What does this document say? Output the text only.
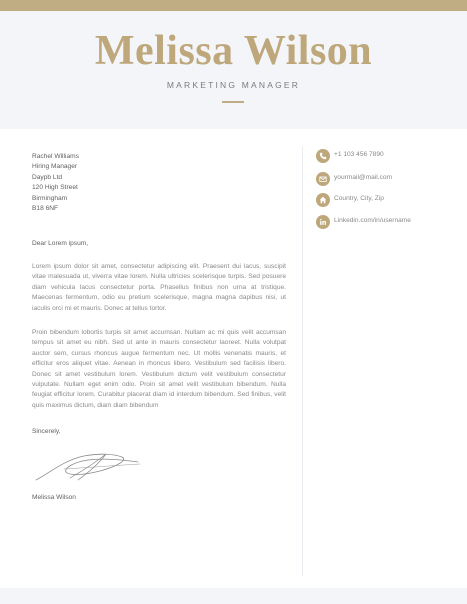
Melissa Wilson
MARKETING MANAGER
Rachel Williams
Hiring Manager
Daypb Ltd
120 High Street
Birmingham
B18 6NF
Dear Lorem ipsum,
Lorem ipsum dolor sit amet, consectetur adipiscing elit. Praesent dui lacus, suscipit vitae malesuada ut, viverra vitae lorem. Nulla ultricies scelerisque turpis. Sed posuere diam vehicula lacus consectetur porta. Phasellus finibus non urna at tristique. Maecenas fermentum, odio eu pretium scelerisque, magna magna dapibus nisi, ut iaculis orci mi et mauris. Donec at tellus tortor.
Proin bibendum lobortis turpis sit amet accumsan. Nullam ac mi quis velit accumsan tempus sit amet eu nibh. Sed ut ante in mauris consectetur laoreet. Nulla volutpat auctor sem, cursus rhoncus augue fermentum nec. Ut mollis venenatis mauris, et efficitur eros aliquet vitae. Aenean in rhoncus libero. Vestibulum sed facilisis libero. Donec sit amet vestibulum lorem. Vestibulum dictum velit vestibulum consectetur vulputate. Nullam eget enim odio. Proin sit amet velit vestibulum bibendum. Nulla feugiat efficitur lorem. Curabitur placerat diam id interdum bibendum. Sed finibus, velit quis maximus dictum, diam diam bibendum
Sincerely,
Melissa Wilson
+1 103 456 7890
yourmail@mail.com
Country, City, Zip
Linkedin.com/in/username
